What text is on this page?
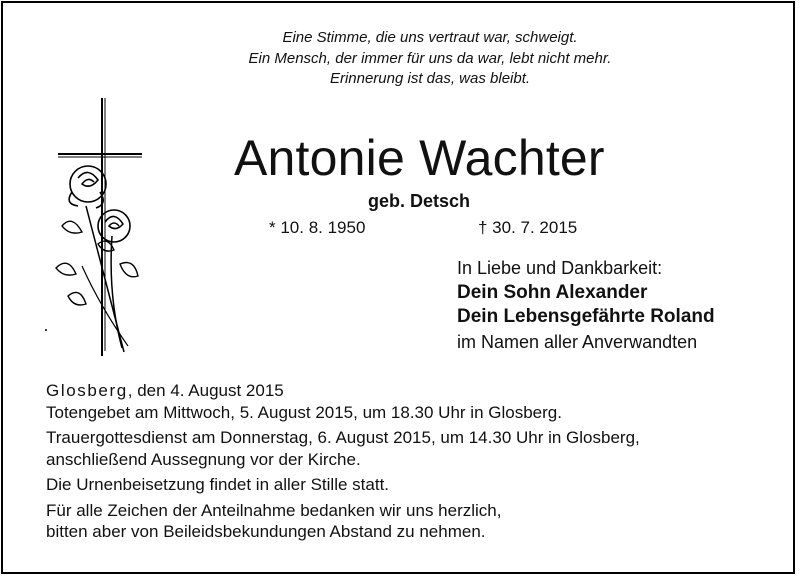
Eine Stimme, die uns vertraut war, schweigt.
Ein Mensch, der immer für uns da war, lebt nicht mehr.
Erinnerung ist das, was bleibt.
Antonie Wachter
geb. Detsch
* 10. 8. 1950	† 30. 7. 2015
In Liebe und Dankbarkeit:
Dein Sohn Alexander
Dein Lebensgefährte Roland
im Namen aller Anverwandten
Glosberg, den 4. August 2015
Totengebet am Mittwoch, 5. August 2015, um 18.30 Uhr in Glosberg.
Trauergottesdienst am Donnerstag, 6. August 2015, um 14.30 Uhr in Glosberg,
anschließend Aussegnung vor der Kirche.
Die Urnenbeisetzung findet in aller Stille statt.
Für alle Zeichen der Anteilnahme bedanken wir uns herzlich,
bitten aber von Beileidsbekundungen Abstand zu nehmen.
